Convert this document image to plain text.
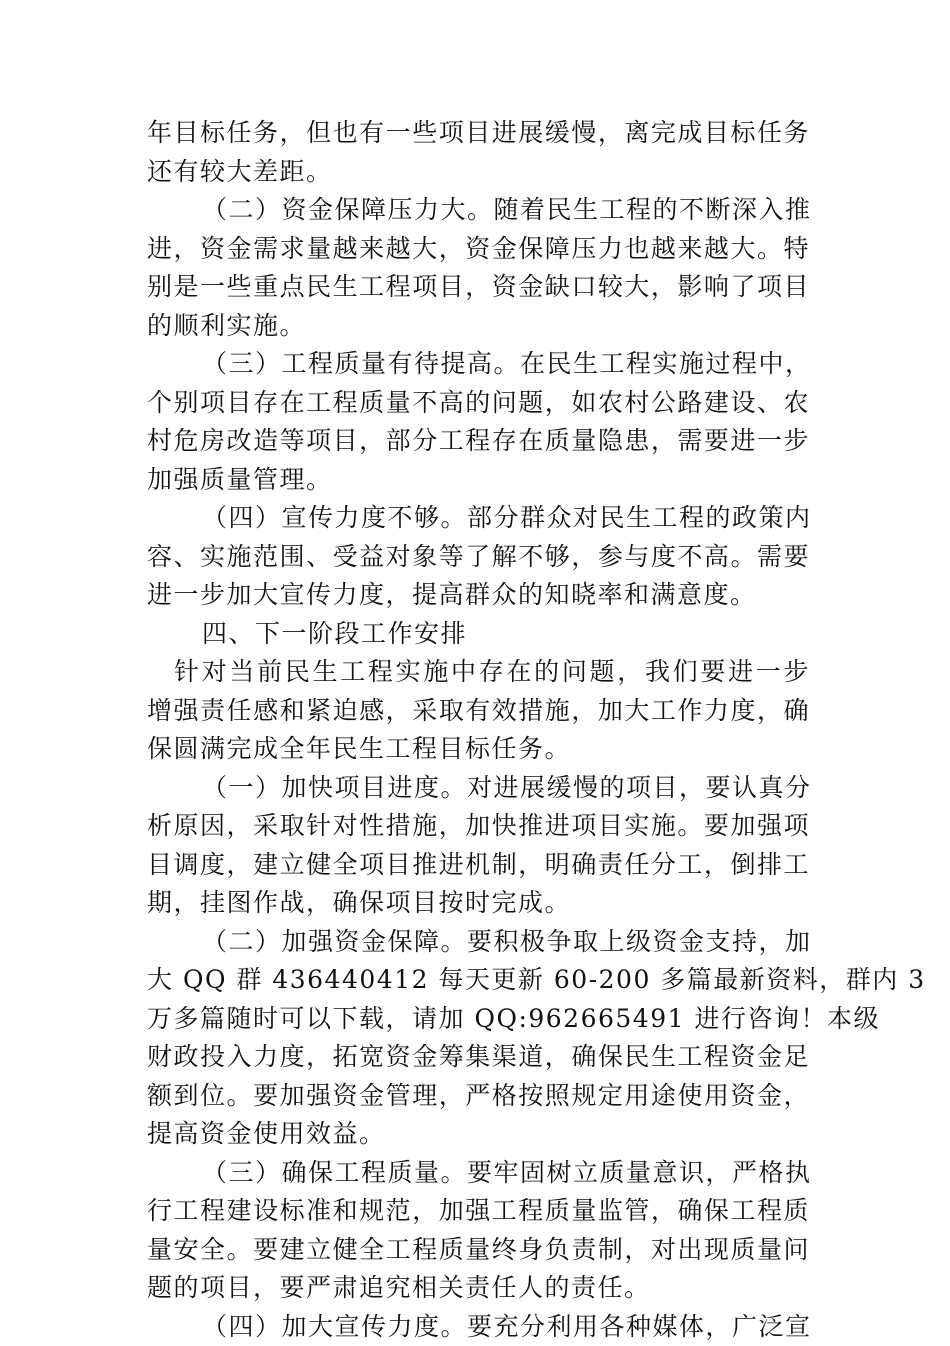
年目标任务，但也有一些项目进展缓慢，离完成目标任务
还有较大差距。
（二）资金保障压力大。随着民生工程的不断深入推
进，资金需求量越来越大，资金保障压力也越来越大。特
别是一些重点民生工程项目，资金缺口较大，影响了项目
的顺利实施。
（三）工程质量有待提高。在民生工程实施过程中，
个别项目存在工程质量不高的问题，如农村公路建设、农
村危房改造等项目，部分工程存在质量隐患，需要进一步
加强质量管理。
（四）宣传力度不够。部分群众对民生工程的政策内
容、实施范围、受益对象等了解不够，参与度不高。需要
进一步加大宣传力度，提高群众的知晓率和满意度。
四、下一阶段工作安排
针对当前民生工程实施中存在的问题，我们要进一步
增强责任感和紧迫感，采取有效措施，加大工作力度，确
保圆满完成全年民生工程目标任务。
（一）加快项目进度。对进展缓慢的项目，要认真分
析原因，采取针对性措施，加快推进项目实施。要加强项
目调度，建立健全项目推进机制，明确责任分工，倒排工
期，挂图作战，确保项目按时完成。
（二）加强资金保障。要积极争取上级资金支持，加
大 QQ 群 436440412 每天更新 60-200 多篇最新资料，群内 3
万多篇随时可以下载，请加 QQ:962665491 进行咨询！本级
财政投入力度，拓宽资金筹集渠道，确保民生工程资金足
额到位。要加强资金管理，严格按照规定用途使用资金，
提高资金使用效益。
（三）确保工程质量。要牢固树立质量意识，严格执
行工程建设标准和规范，加强工程质量监管，确保工程质
量安全。要建立健全工程质量终身负责制，对出现质量问
题的项目，要严肃追究相关责任人的责任。
（四）加大宣传力度。要充分利用各种媒体，广泛宣
